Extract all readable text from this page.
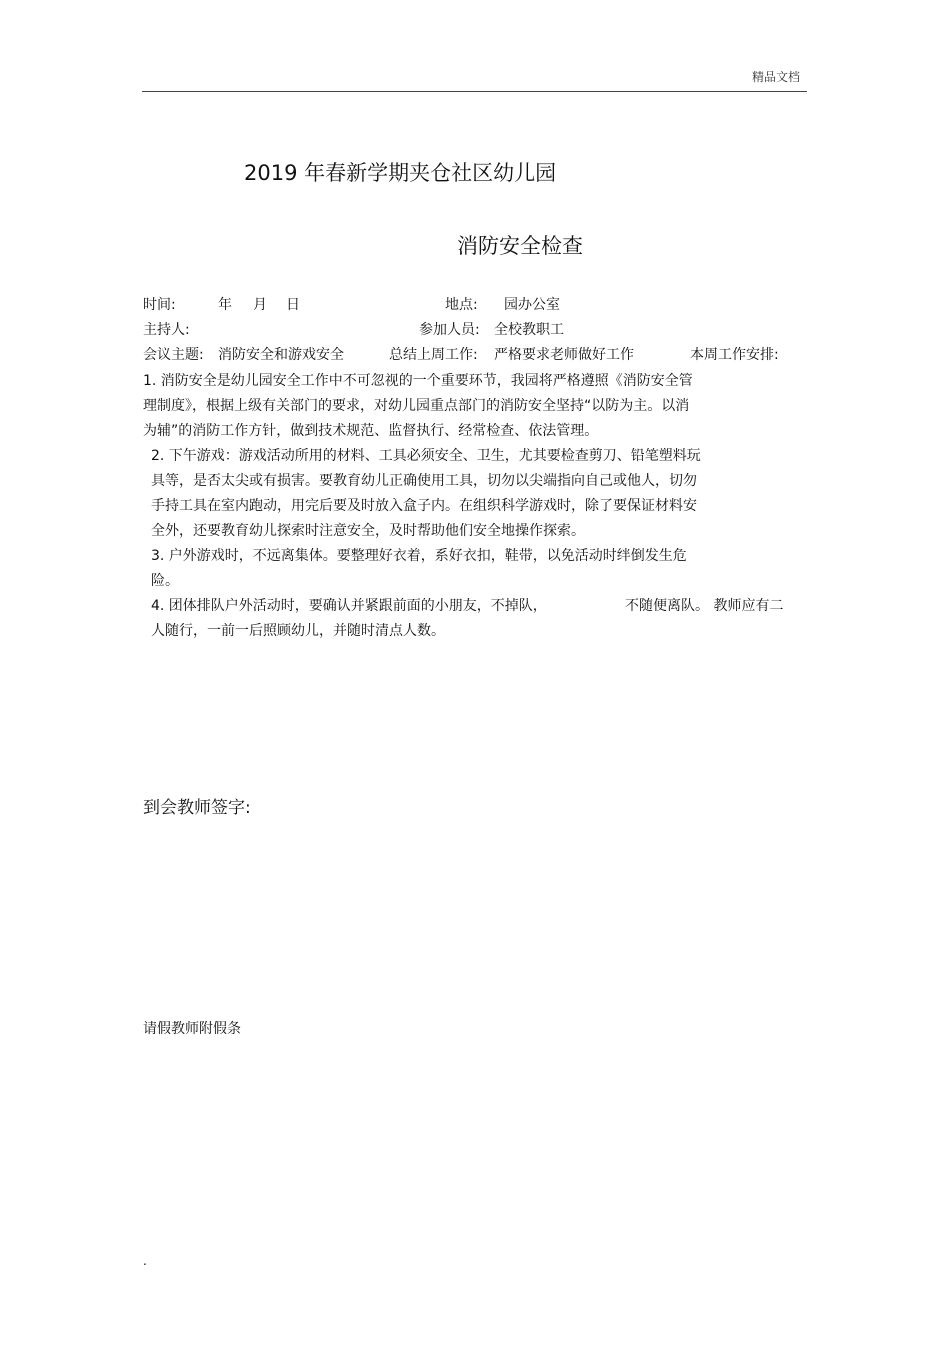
精品文档
2019 年春新学期夹仓社区幼儿园
消防安全检查
时间:	年 月 日	地点: 园办公室
主持人:	参加人员: 全校教职工
会议主题: 消防安全和游戏安全	总结上周工作: 严格要求老师做好工作	本周工作安排:
1. 消防安全是幼儿园安全工作中不可忽视的一个重要环节，我园将严格遵照《消防安全管
理制度》，根据上级有关部门的要求，对幼儿园重点部门的消防安全坚持“以防为主。以消
为辅”的消防工作方针，做到技术规范、监督执行、经常检查、依法管理。
2. 下午游戏：游戏活动所用的材料、工具必须安全、卫生，尤其要检查剪刀、铅笔塑料玩
具等，是否太尖或有损害。要教育幼儿正确使用工具，切勿以尖端指向自己或他人，切勿
手持工具在室内跑动，用完后要及时放入盒子内。在组织科学游戏时，除了要保证材料安
全外，还要教育幼儿探索时注意安全，及时帮助他们安全地操作探索。
3. 户外游戏时，不远离集体。要整理好衣着，系好衣扣，鞋带，以免活动时绊倒发生危
险。
4. 团体排队户外活动时，要确认并紧跟前面的小朋友，不掉队，	不随便离队。 教师应有二
人随行，一前一后照顾幼儿，并随时清点人数。
到会教师签字:
请假教师附假条
.
